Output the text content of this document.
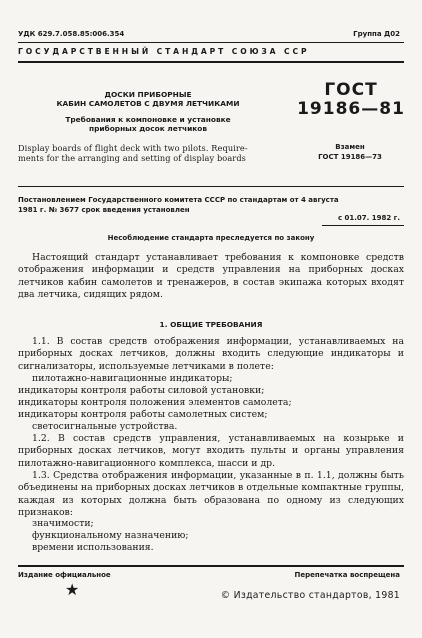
УДК 629.7.058.85:006.354	Группа Д02
ГОСУДАРСТВЕННЫЙ СТАНДАРТ СОЮЗА ССР
ДОСКИ ПРИБОРНЫЕ
КАБИН САМОЛЕТОВ С ДВУМЯ ЛЕТЧИКАМИ
Требования к компоновке и установке
приборных досок летчиков
Display boards of flight deck with two pilots. Require-
ments for the arranging and setting of display boards
ГОСТ
19186—81
Взамен
ГОСТ 19186—73
Постановлением Государственного комитета СССР по стандартам от 4 августа
1981 г. № 3677 срок введения установлен
с 01.07. 1982 г.
Несоблюдение стандарта преследуется по закону
Настоящий стандарт устанавливает требования к компоновке средств отображения информации и средств управления на приборных досках летчиков кабин самолетов и тренажеров, в состав экипажа которых входят два летчика, сидящих рядом.
1. ОБЩИЕ ТРЕБОВАНИЯ
1.1. В состав средств отображения информации, устанавливаемых на приборных досках летчиков, должны входить следующие индикаторы и сигнализаторы, используемые летчиками в полете:
пилотажно-навигационные индикаторы;
индикаторы контроля работы силовой установки;
индикаторы контроля положения элементов самолета;
индикаторы контроля работы самолетных систем;
светосигнальные устройства.
1.2. В состав средств управления, устанавливаемых на козырьке и приборных досках летчиков, могут входить пульты и органы управления пилотажно-навигационного комплекса, шасси и др.
1.3. Средства отображения информации, указанные в п. 1.1, должны быть объединены на приборных досках летчиков в отдельные компактные группы, каждая из которых должна быть образована по одному из следующих признаков:
значимости;
функциональному назначению;
времени использования.
Издание официальное	Перепечатка воспрещена
★	© Издательство стандартов, 1981
